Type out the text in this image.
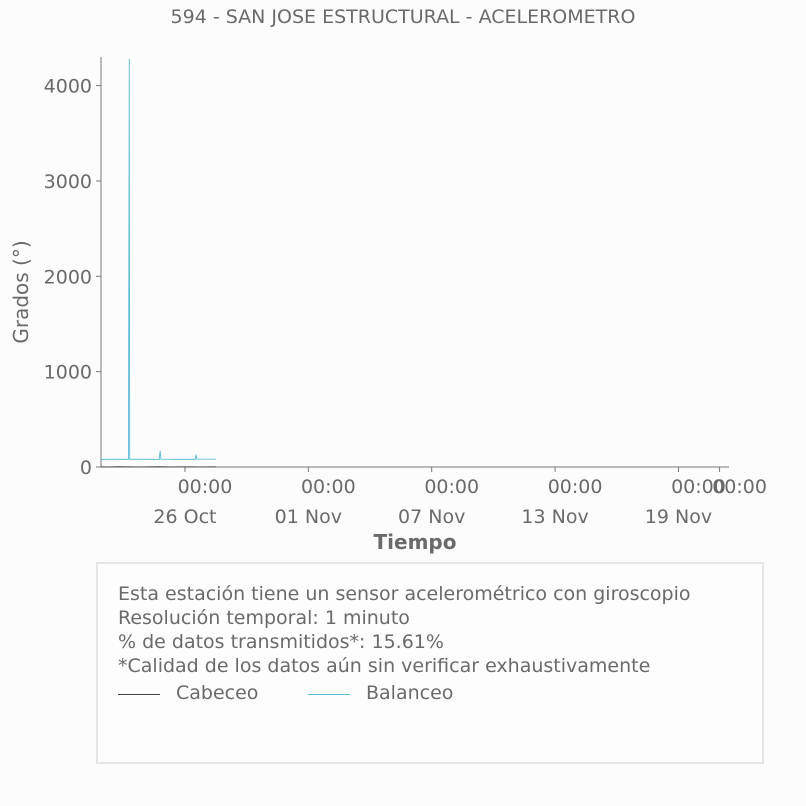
594 - SAN JOSE ESTRUCTURAL - ACELEROMETRO
0
1000
2000
3000
4000
00:00
26 Oct
00:00
01 Nov
00:00
07 Nov
00:00
13 Nov
00:00
19 Nov
00:00
Tiempo
Grados (°)
Esta estación tiene un sensor acelerométrico con giroscopio
Resolución temporal: 1 minuto
% de datos transmitidos*: 15.61%
*Calidad de los datos aún sin verificar exhaustivamente
Cabeceo	Balanceo
